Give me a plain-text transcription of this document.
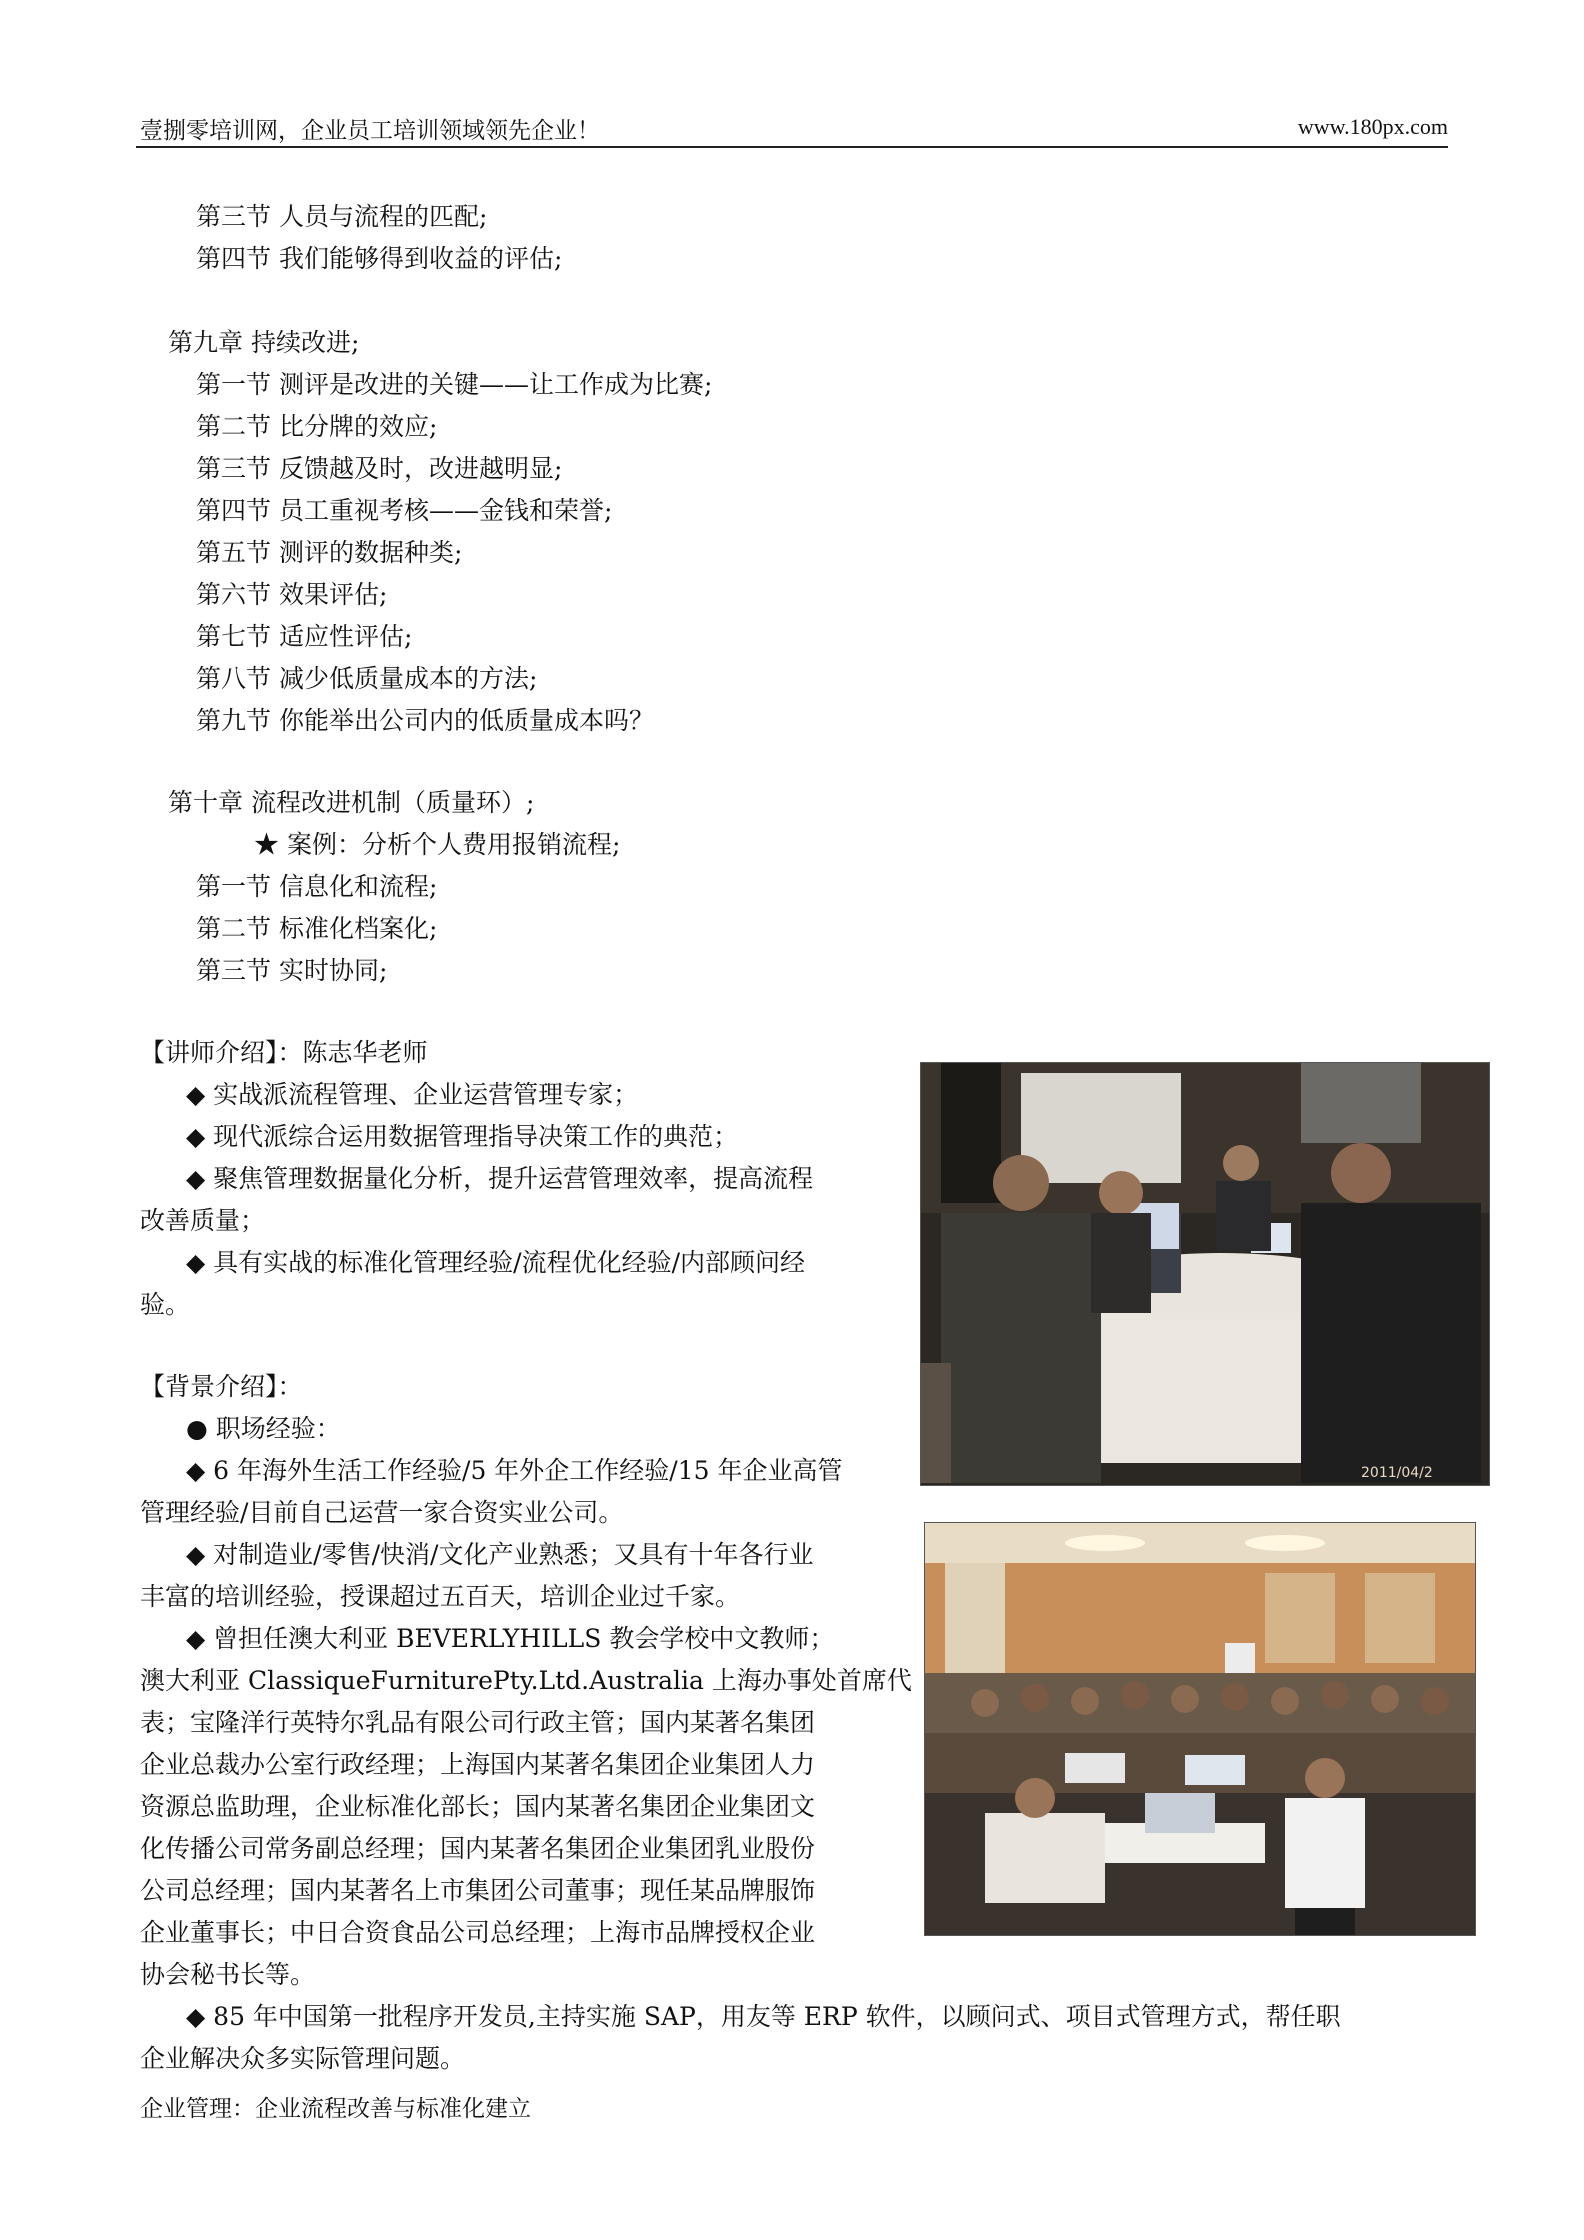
壹捌零培训网，企业员工培训领域领先企业！	www.180px.com
第三节 人员与流程的匹配;
第四节 我们能够得到收益的评估;
第九章 持续改进;
第一节 测评是改进的关键——让工作成为比赛;
第二节 比分牌的效应;
第三节 反馈越及时，改进越明显;
第四节 员工重视考核——金钱和荣誉;
第五节 测评的数据种类;
第六节 效果评估;
第七节 适应性评估;
第八节 减少低质量成本的方法;
第九节 你能举出公司内的低质量成本吗？
第十章 流程改进机制（质量环）;
★ 案例：分析个人费用报销流程;
第一节 信息化和流程;
第二节 标准化档案化;
第三节 实时协同;
【讲师介绍】：陈志华老师
◆ 实战派流程管理、企业运营管理专家；
◆ 现代派综合运用数据管理指导决策工作的典范；
◆ 聚焦管理数据量化分析，提升运营管理效率，提高流程
改善质量；
◆ 具有实战的标准化管理经验/流程优化经验/内部顾问经
验。
【背景介绍】：
● 职场经验：
◆ 6 年海外生活工作经验/5 年外企工作经验/15 年企业高管
管理经验/目前自己运营一家合资实业公司。
◆ 对制造业/零售/快消/文化产业熟悉；又具有十年各行业
丰富的培训经验，授课超过五百天，培训企业过千家。
◆ 曾担任澳大利亚 BEVERLYHILLS 教会学校中文教师；
澳大利亚 ClassiqueFurniturePty.Ltd.Australia 上海办事处首席代
表；宝隆洋行英特尔乳品有限公司行政主管；国内某著名集团
企业总裁办公室行政经理；上海国内某著名集团企业集团人力
资源总监助理，企业标准化部长；国内某著名集团企业集团文
化传播公司常务副总经理；国内某著名集团企业集团乳业股份
公司总经理；国内某著名上市集团公司董事；现任某品牌服饰
企业董事长；中日合资食品公司总经理；上海市品牌授权企业
协会秘书长等。
◆ 85 年中国第一批程序开发员,主持实施 SAP，用友等 ERP 软件，以顾问式、项目式管理方式，帮任职
企业解决众多实际管理问题。
企业管理：企业流程改善与标准化建立
2011/04/2
